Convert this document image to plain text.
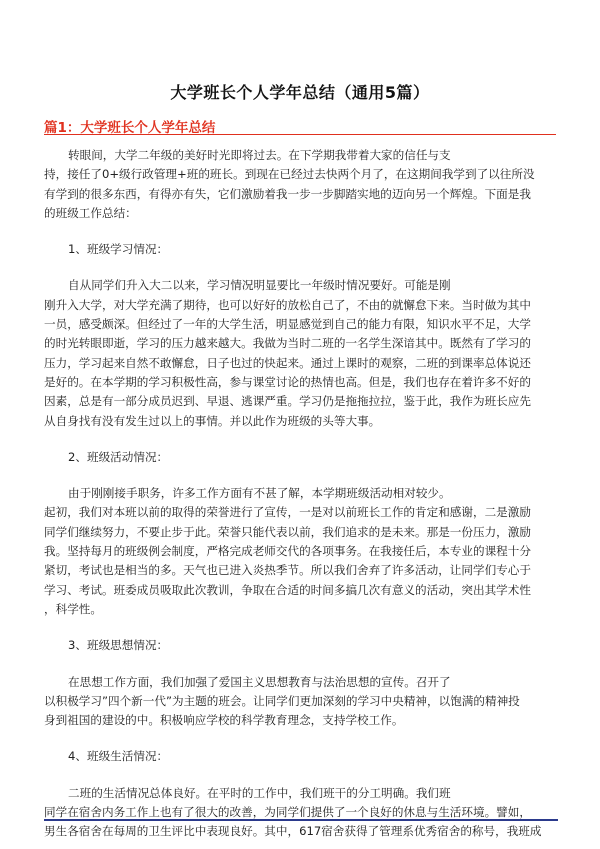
大学班长个人学年总结（通用5篇）
篇1：大学班长个人学年总结
转眼间，大学二年级的美好时光即将过去。在下学期我带着大家的信任与支
持，接任了0+级行政管理+班的班长。到现在已经过去快两个月了，在这期间我学到了以往所没
有学到的很多东西，有得亦有失，它们激励着我一步一步脚踏实地的迈向另一个辉煌。下面是我
的班级工作总结：
1、班级学习情况：
自从同学们升入大二以来，学习情况明显要比一年级时情况要好。可能是刚
刚升入大学，对大学充满了期待，也可以好好的放松自己了，不由的就懈怠下来。当时做为其中
一员，感受颇深。但经过了一年的大学生活，明显感觉到自己的能力有限，知识水平不足，大学
的时光转眼即逝，学习的压力越来越大。我做为当时二班的一名学生深谙其中。既然有了学习的
压力，学习起来自然不敢懈怠，日子也过的快起来。通过上课时的观察，二班的到课率总体说还
是好的。在本学期的学习积极性高，参与课堂讨论的热情也高。但是，我们也存在着许多不好的
因素，总是有一部分成员迟到、早退、逃课严重。学习仍是拖拖拉拉，鉴于此，我作为班长应先
从自身找有没有发生过以上的事情。并以此作为班级的头等大事。
2、班级活动情况：
由于刚刚接手职务，许多工作方面有不甚了解，本学期班级活动相对较少。
起初，我们对本班以前的取得的荣誉进行了宣传，一是对以前班长工作的肯定和感谢，二是激励
同学们继续努力，不要止步于此。荣誉只能代表以前，我们追求的是未来。那是一份压力，激励
我。坚持每月的班级例会制度，严格完成老师交代的各项事务。在我接任后，本专业的课程十分
紧切，考试也是相当的多。天气也已进入炎热季节。所以我们舍弃了许多活动，让同学们专心于
学习、考试。班委成员吸取此次教训，争取在合适的时间多搞几次有意义的活动，突出其学术性
，科学性。
3、班级思想情况：
在思想工作方面，我们加强了爱国主义思想教育与法治思想的宣传。召开了
以积极学习”四个新一代”为主题的班会。让同学们更加深刻的学习中央精神，以饱满的精神投
身到祖国的建设的中。积极响应学校的科学教育理念，支持学校工作。
4、班级生活情况：
二班的生活情况总体良好。在平时的工作中，我们班干的分工明确。我们班
同学在宿舍内务工作上也有了很大的改善，为同学们提供了一个良好的休息与生活环境。譬如，
男生各宿舍在每周的卫生评比中表现良好。其中，617宿舍获得了管理系优秀宿舍的称号，我班成
